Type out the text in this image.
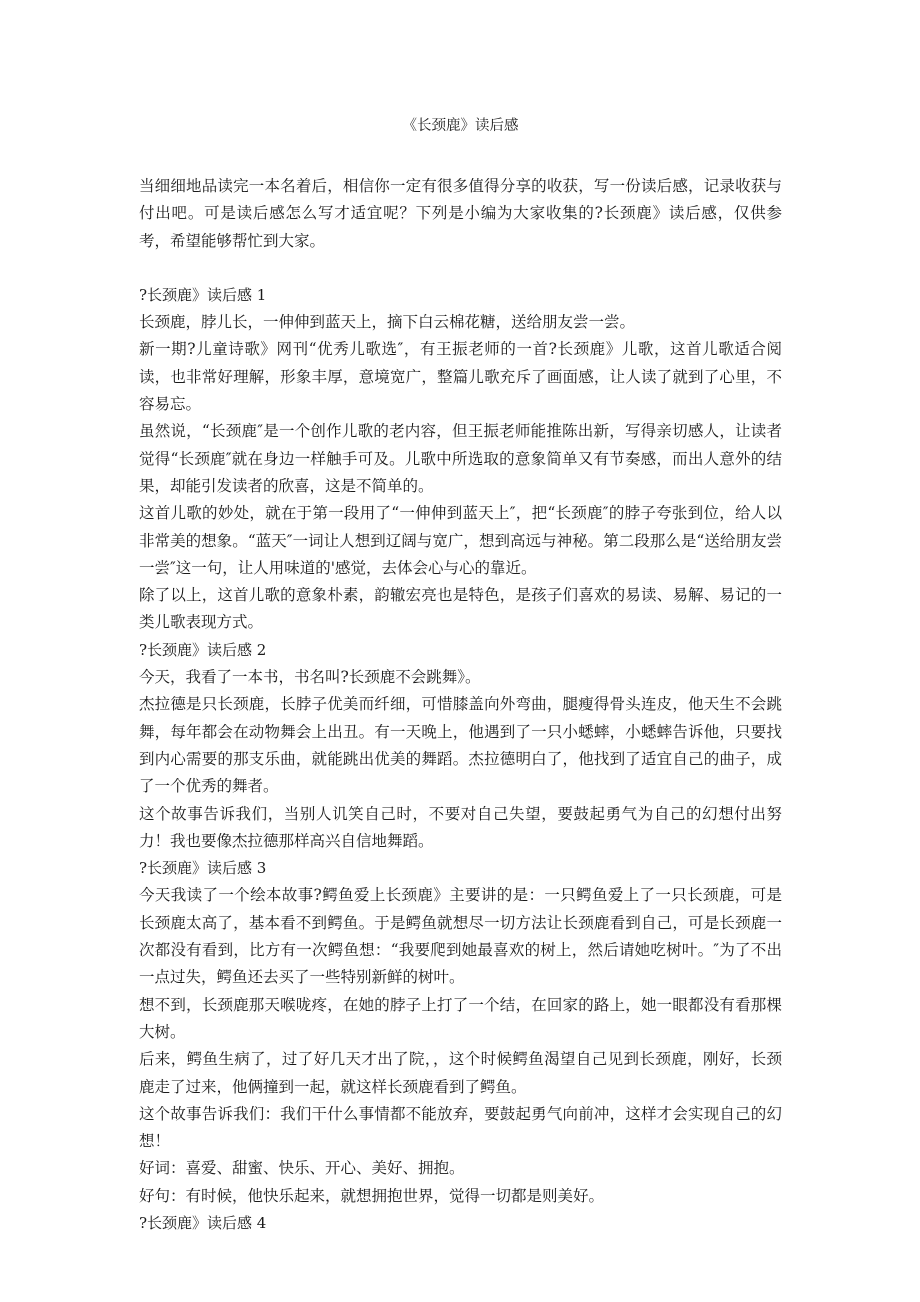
《长颈鹿》读后感

当细细地品读完一本名着后，相信你一定有很多值得分享的收获，写一份读后感，记录收获与付出吧。可是读后感怎么写才适宜呢？下列是小编为大家收集的?长颈鹿》读后感，仅供参考，希望能够帮忙到大家。

?长颈鹿》读后感 1

长颈鹿，脖儿长，一伸伸到蓝天上，摘下白云棉花糖，送给朋友尝一尝。

新一期?儿童诗歌》网刊“优秀儿歌选″，有王振老师的一首?长颈鹿》儿歌，这首儿歌适合阅读，也非常好理解，形象丰厚，意境宽广，整篇儿歌充斥了画面感，让人读了就到了心里，不容易忘。

虽然说，“长颈鹿″是一个创作儿歌的老内容，但王振老师能推陈出新，写得亲切感人，让读者觉得“长颈鹿″就在身边一样触手可及。儿歌中所选取的意象简单又有节奏感，而出人意外的结果，却能引发读者的欣喜，这是不简单的。

这首儿歌的妙处，就在于第一段用了“一伸伸到蓝天上″，把“长颈鹿″的脖子夸张到位，给人以非常美的想象。“蓝天″一词让人想到辽阔与宽广，想到高远与神秘。第二段那么是“送给朋友尝一尝″这一句，让人用味道的'感觉，去体会心与心的靠近。

除了以上，这首儿歌的意象朴素，韵辙宏亮也是特色，是孩子们喜欢的易读、易解、易记的一类儿歌表现方式。

?长颈鹿》读后感 2

今天，我看了一本书，书名叫?长颈鹿不会跳舞》。

杰拉德是只长颈鹿，长脖子优美而纤细，可惜膝盖向外弯曲，腿瘦得骨头连皮，他天生不会跳舞，每年都会在动物舞会上出丑。有一天晚上，他遇到了一只小蟋蟀，小蟋蟀告诉他，只要找到内心需要的那支乐曲，就能跳出优美的舞蹈。杰拉德明白了，他找到了适宜自己的曲子，成了一个优秀的舞者。

这个故事告诉我们，当别人讥笑自己时，不要对自己失望，要鼓起勇气为自己的幻想付出努力！我也要像杰拉德那样高兴自信地舞蹈。

?长颈鹿》读后感 3

今天我读了一个绘本故事?鳄鱼爱上长颈鹿》主要讲的是：一只鳄鱼爱上了一只长颈鹿，可是长颈鹿太高了，基本看不到鳄鱼。于是鳄鱼就想尽一切方法让长颈鹿看到自己，可是长颈鹿一次都没有看到，比方有一次鳄鱼想：“我要爬到她最喜欢的树上，然后请她吃树叶。″为了不出一点过失，鳄鱼还去买了一些特别新鲜的树叶。

想不到，长颈鹿那天喉咙疼，在她的脖子上打了一个结，在回家的路上，她一眼都没有看那棵大树。

后来，鳄鱼生病了，过了好几天才出了院，，这个时候鳄鱼渴望自己见到长颈鹿，刚好，长颈鹿走了过来，他俩撞到一起，就这样长颈鹿看到了鳄鱼。

这个故事告诉我们：我们干什么事情都不能放弃，要鼓起勇气向前冲，这样才会实现自己的幻想！

好词：喜爱、甜蜜、快乐、开心、美好、拥抱。

好句：有时候，他快乐起来，就想拥抱世界，觉得一切都是则美好。

?长颈鹿》读后感 4
